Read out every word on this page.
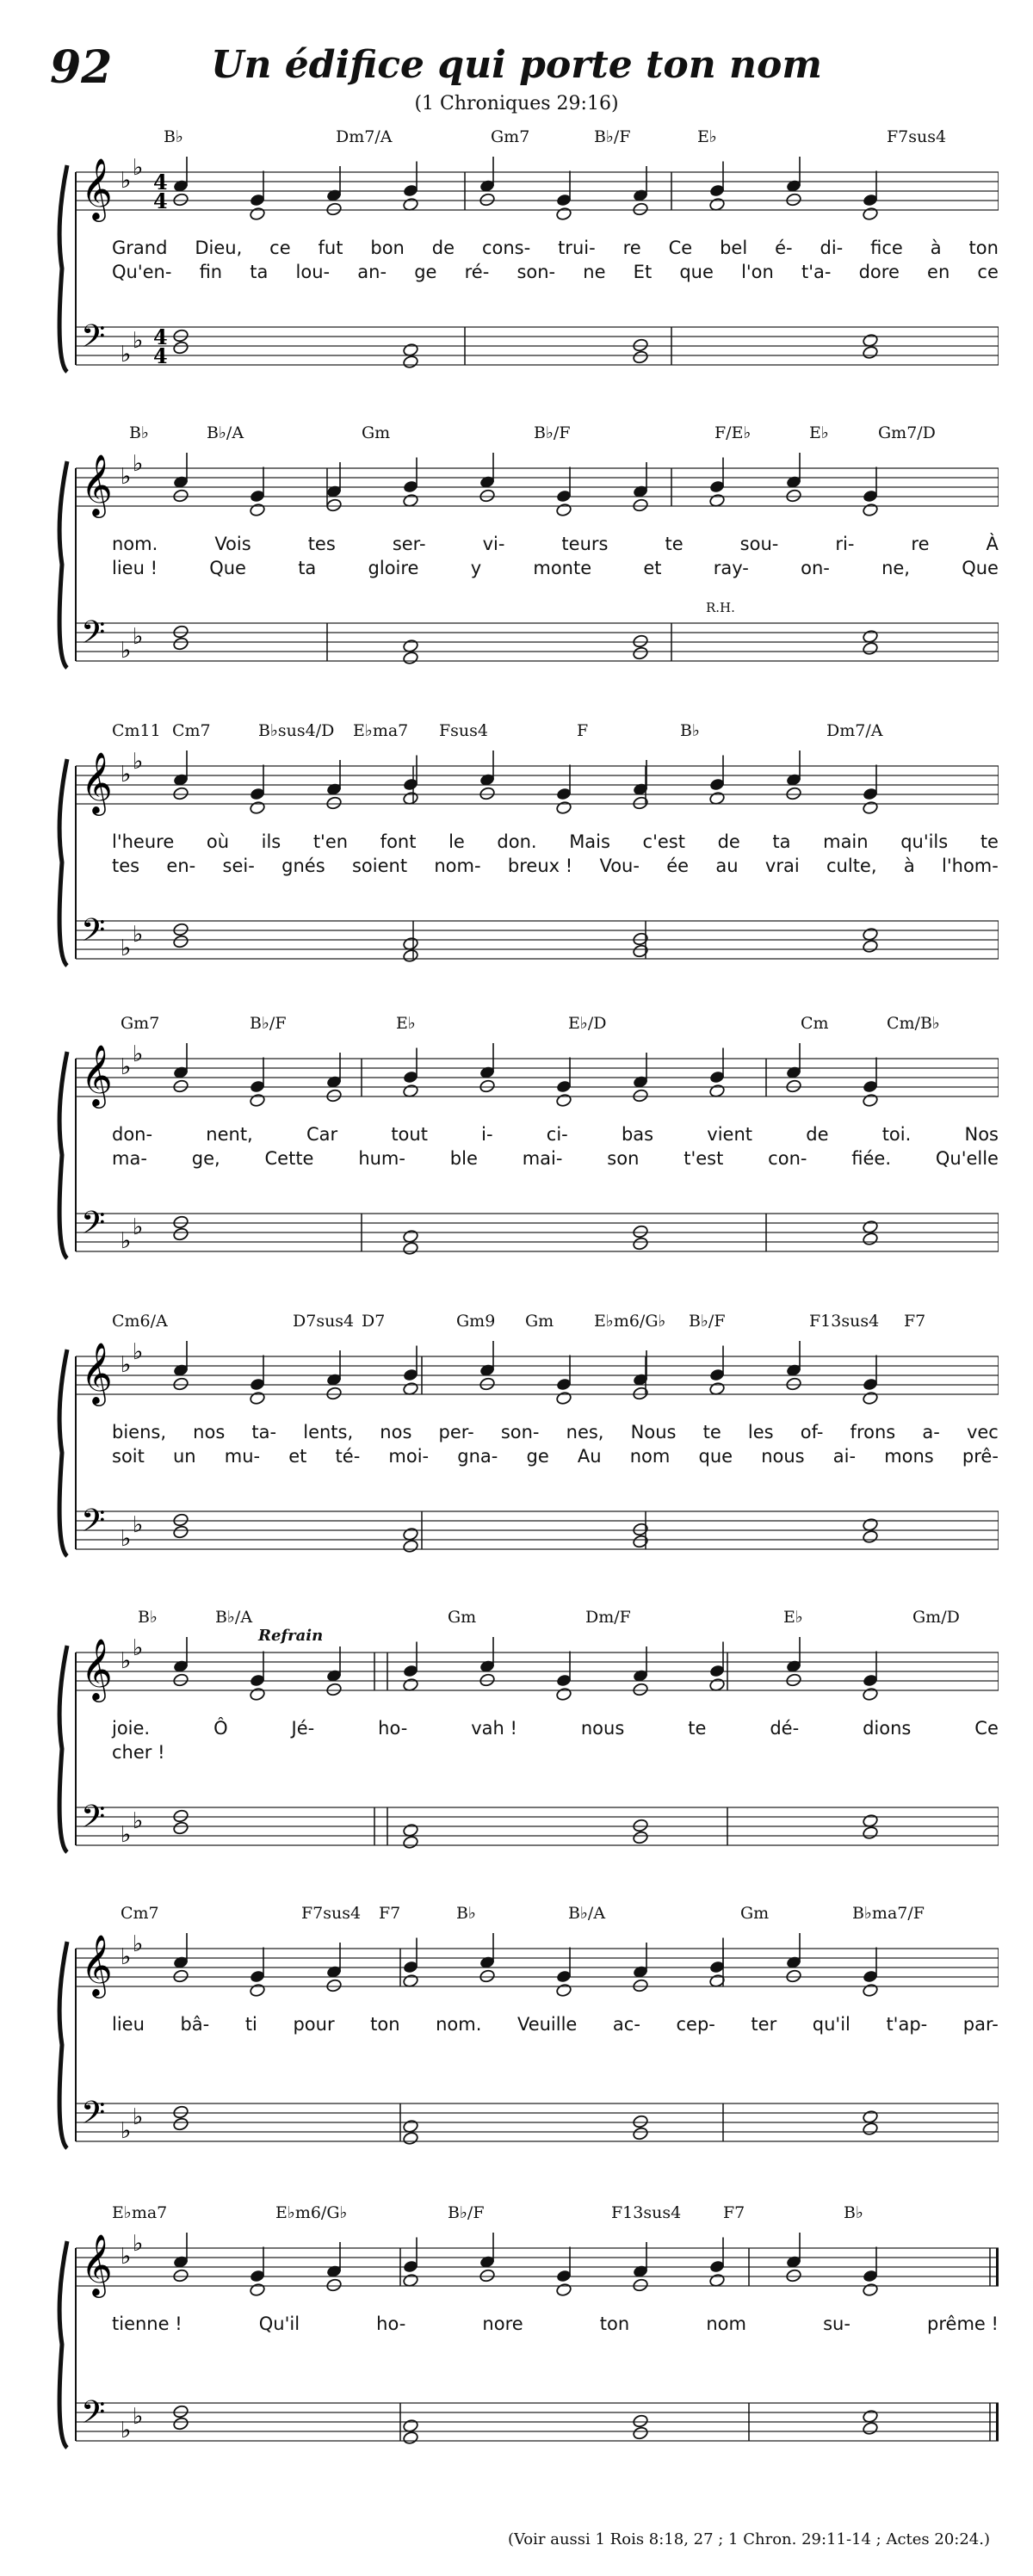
92	Un édifice qui porte ton nom
(1 Chroniques 29:16)
𝄞 ♭ ♭
𝄢 ♭
♭
4
4
4
4
B♭	Dm7/A	Gm7	B♭/F	E♭	F7sus4
Grand Dieu, ce fut bon de cons- trui- re Ce bel é- di- fice à ton
Qu'en- fin ta lou- an- ge ré- son- ne Et que l'on t'a- dore en ce
𝄞 ♭ ♭
𝄢 ♭
♭
B♭	B♭/A	Gm	B♭/F	F/E♭	E♭	Gm7/D
R.H.
nom.	Vois	tes	ser-	vi-	teurs	te	sou-	ri-	re	À
lieu !	Que	ta	gloire	y	monte	et	ray-	on-	ne,	Que
𝄞 ♭ ♭
𝄢 ♭
♭
Cm11 Cm7	B♭sus4/D E♭ma7 Fsus4	F	B♭	Dm7/A
l'heure où ils t'en font le don. Mais c'est de ta main qu'ils te
tes en- sei- gnés soient nom- breux ! Vou- ée au vrai culte, à l'hom-
𝄞 ♭ ♭
𝄢 ♭
♭
Gm7	B♭/F	E♭	E♭/D	Cm	Cm/B♭
don-	nent,	Car	tout	i-	ci-	bas	vient	de	toi.	Nos
ma- ge, Cette hum- ble mai- son t'est con- fiée. Qu'elle
𝄞 ♭ ♭
𝄢 ♭
♭
Cm6/A	D7sus4 D7	Gm9 Gm E♭m6/G♭ B♭/F	F13sus4 F7
biens, nos ta- lents, nos per- son- nes, Nous te les of- frons a- vec
soit un mu- et té- moi- gna- ge Au nom que nous ai- mons prê-
𝄞 ♭ ♭
𝄢 ♭
♭
B♭	B♭/A	Gm	Dm/F	E♭	Gm/D
Refrain
joie.	Ô	Jé-	ho-	vah !	nous	te	dé-	dions	Ce
cher !
𝄞 ♭ ♭
𝄢 ♭
♭
Cm7	F7sus4 F7	B♭	B♭/A	Gm	B♭ma7/F
lieu bâ- ti pour ton nom. Veuille ac- cep- ter qu'il t'ap- par-
𝄞 ♭ ♭
𝄢 ♭
♭
E♭ma7	E♭m6/G♭	B♭/F	F13sus4	F7	B♭
tienne !	Qu'il	ho-	nore	ton	nom	su-	prême !
(Voir aussi 1 Rois 8:18, 27 ; 1 Chron. 29:11-14 ; Actes 20:24.)
